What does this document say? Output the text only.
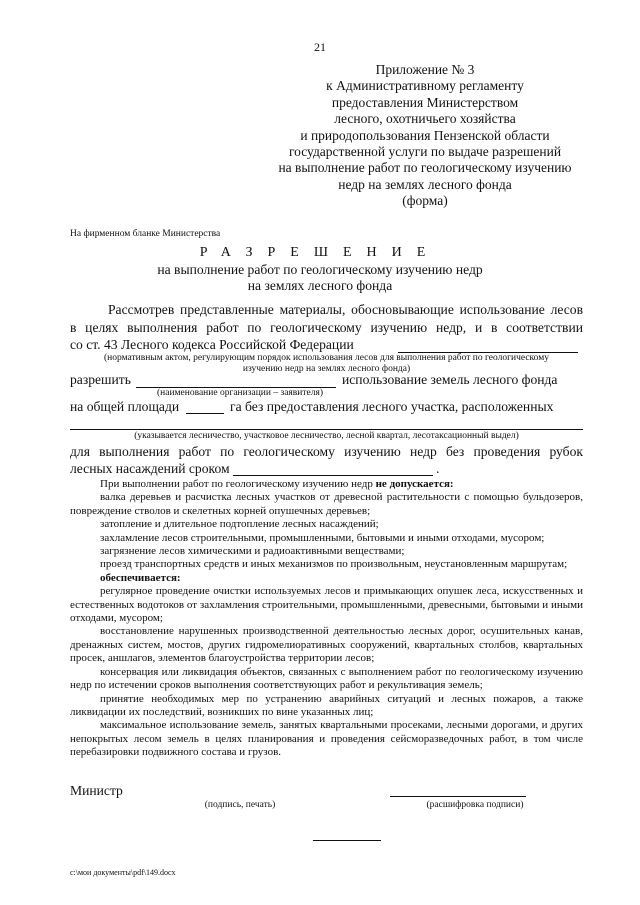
21
Приложение № 3
к Административному регламенту
предоставления Министерством
лесного, охотничьего хозяйства
и природопользования Пензенской области
государственной услуги по выдаче разрешений
на выполнение работ по геологическому изучению
недр на землях лесного фонда
(форма)
На фирменном бланке Министерства
РАЗРЕШЕНИЕ
на выполнение работ по геологическому изучению недр
на землях лесного фонда
Рассмотрев представленные материалы, обосновывающие использование лесов
в целях выполнения работ по геологическому изучению недр, и в соответствии
со ст. 43 Лесного кодекса Российской Федерации
(нормативным актом, регулирующим порядок использования лесов для выполнения работ по геологическому
изучению недр на землях лесного фонда)
разрешить	использование земель лесного фонда
(наименование организации – заявителя)
на общей площади	га без предоставления лесного участка, расположенных
(указывается лесничество, участковое лесничество, лесной квартал, лесотаксационный выдел)
для выполнения работ по геологическому изучению недр без проведения рубок
лесных насаждений сроком	.

При выполнении работ по геологическому изучению недр не допускается:

валка деревьев и расчистка лесных участков от древесной растительности с помощью бульдозеров, повреждение стволов и скелетных корней опушечных деревьев;

затопление и длительное подтопление лесных насаждений;

захламление лесов строительными, промышленными, бытовыми и иными отходами, мусором;

загрязнение лесов химическими и радиоактивными веществами;

проезд транспортных средств и иных механизмов по произвольным, неустановленным маршрутам;

обеспечивается:

регулярное проведение очистки используемых лесов и примыкающих опушек леса, искусственных и естественных водотоков от захламления строительными, промышленными, древесными, бытовыми и иными отходами, мусором;

восстановление нарушенных производственной деятельностью лесных дорог, осушительных канав, дренажных систем, мостов, других гидромелиоративных сооружений, квартальных столбов, квартальных просек, аншлагов, элементов благоустройства территории лесов;

консервация или ликвидация объектов, связанных с выполнением работ по геологическому изучению недр по истечении сроков выполнения соответствующих работ и рекультивация земель;

принятие необходимых мер по устранению аварийных ситуаций и лесных пожаров, а также ликвидации их последствий, возникших по вине указанных лиц;

максимальное использование земель, занятых квартальными просеками, лесными дорогами, и других непокрытых лесом земель в целях планирования и проведения сейсморазведочных работ, в том числе перебазировки подвижного состава и грузов.

Министр
(подпись, печать)	(расшифровка подписи)
c:\мои документы\pdf\149.docx
